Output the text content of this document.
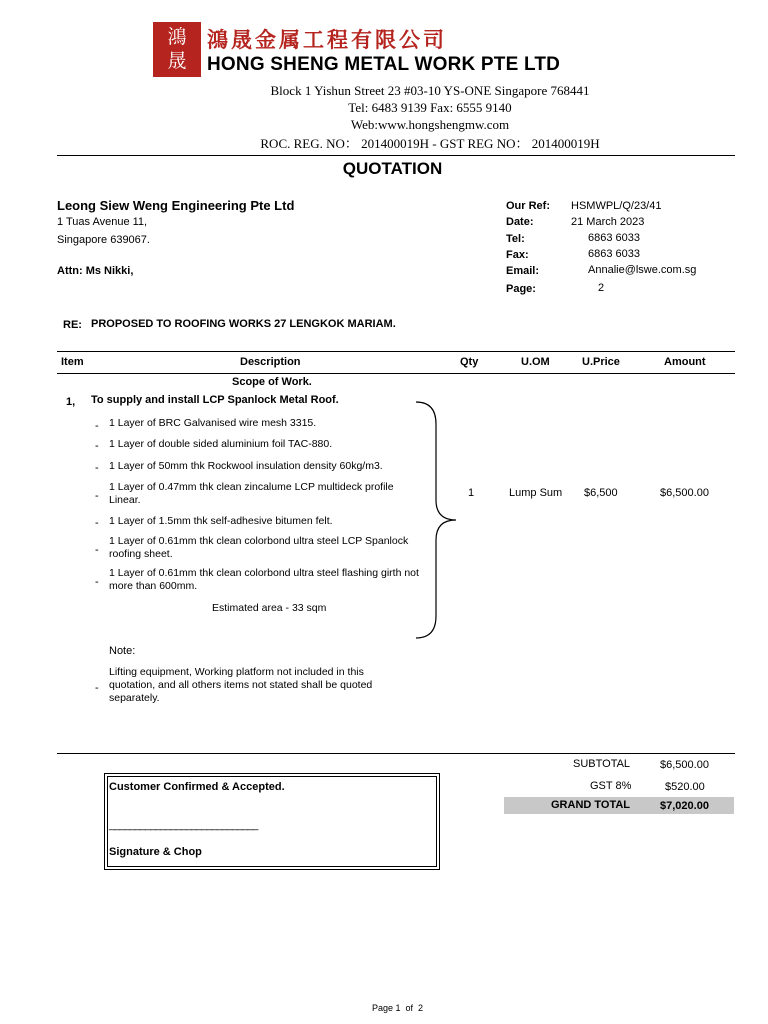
鴻
晟
鴻晟金属工程有限公司
HONG SHENG METAL WORK PTE LTD
Block 1 Yishun Street 23 #03-10 YS-ONE Singapore 768441
Tel: 6483 9139 Fax: 6555 9140
Web:www.hongshengmw.com
ROC. REG. NO： 201400019H - GST REG NO： 201400019H
QUOTATION
Leong Siew Weng Engineering Pte Ltd
1 Tuas Avenue 11,
Singapore 639067.
Attn: Ms Nikki,
Our Ref: HSMWPL/Q/23/41
Date:	21 March 2023
Tel:	6863 6033
Fax:	6863 6033
Email:	Annalie@lswe.com.sg
Page:	2
RE: PROPOSED TO ROOFING WORKS 27 LENGKOK MARIAM.
Item	Description	Qty	U.OM	U.Price	Amount
Scope of Work.
1, To supply and install LCP Spanlock Metal Roof.
- 1 Layer of BRC Galvanised wire mesh 3315.
- 1 Layer of double sided aluminium foil TAC-880.
- 1 Layer of 50mm thk Rockwool insulation density 60kg/m3.
-
1 Layer of 0.47mm thk clean zincalume LCP multideck profile Linear.
- 1 Layer of 1.5mm thk self-adhesive bitumen felt.
-
1 Layer of 0.61mm thk clean colorbond ultra steel LCP Spanlock roofing sheet.
-
1 Layer of 0.61mm thk clean colorbond ultra steel flashing girth not more than 600mm.
Estimated area - 33 sqm
1	Lump Sum $6,500	$6,500.00
Note:
-
Lifting equipment, Working platform not included in this quotation, and all others items not stated shall be quoted separately.
SUBTOTAL	$6,500.00
GST 8%	$520.00
GRAND TOTAL	$7,020.00
Customer Confirmed & Accepted.
_____________________________
Signature & Chop
Page 1  of  2
